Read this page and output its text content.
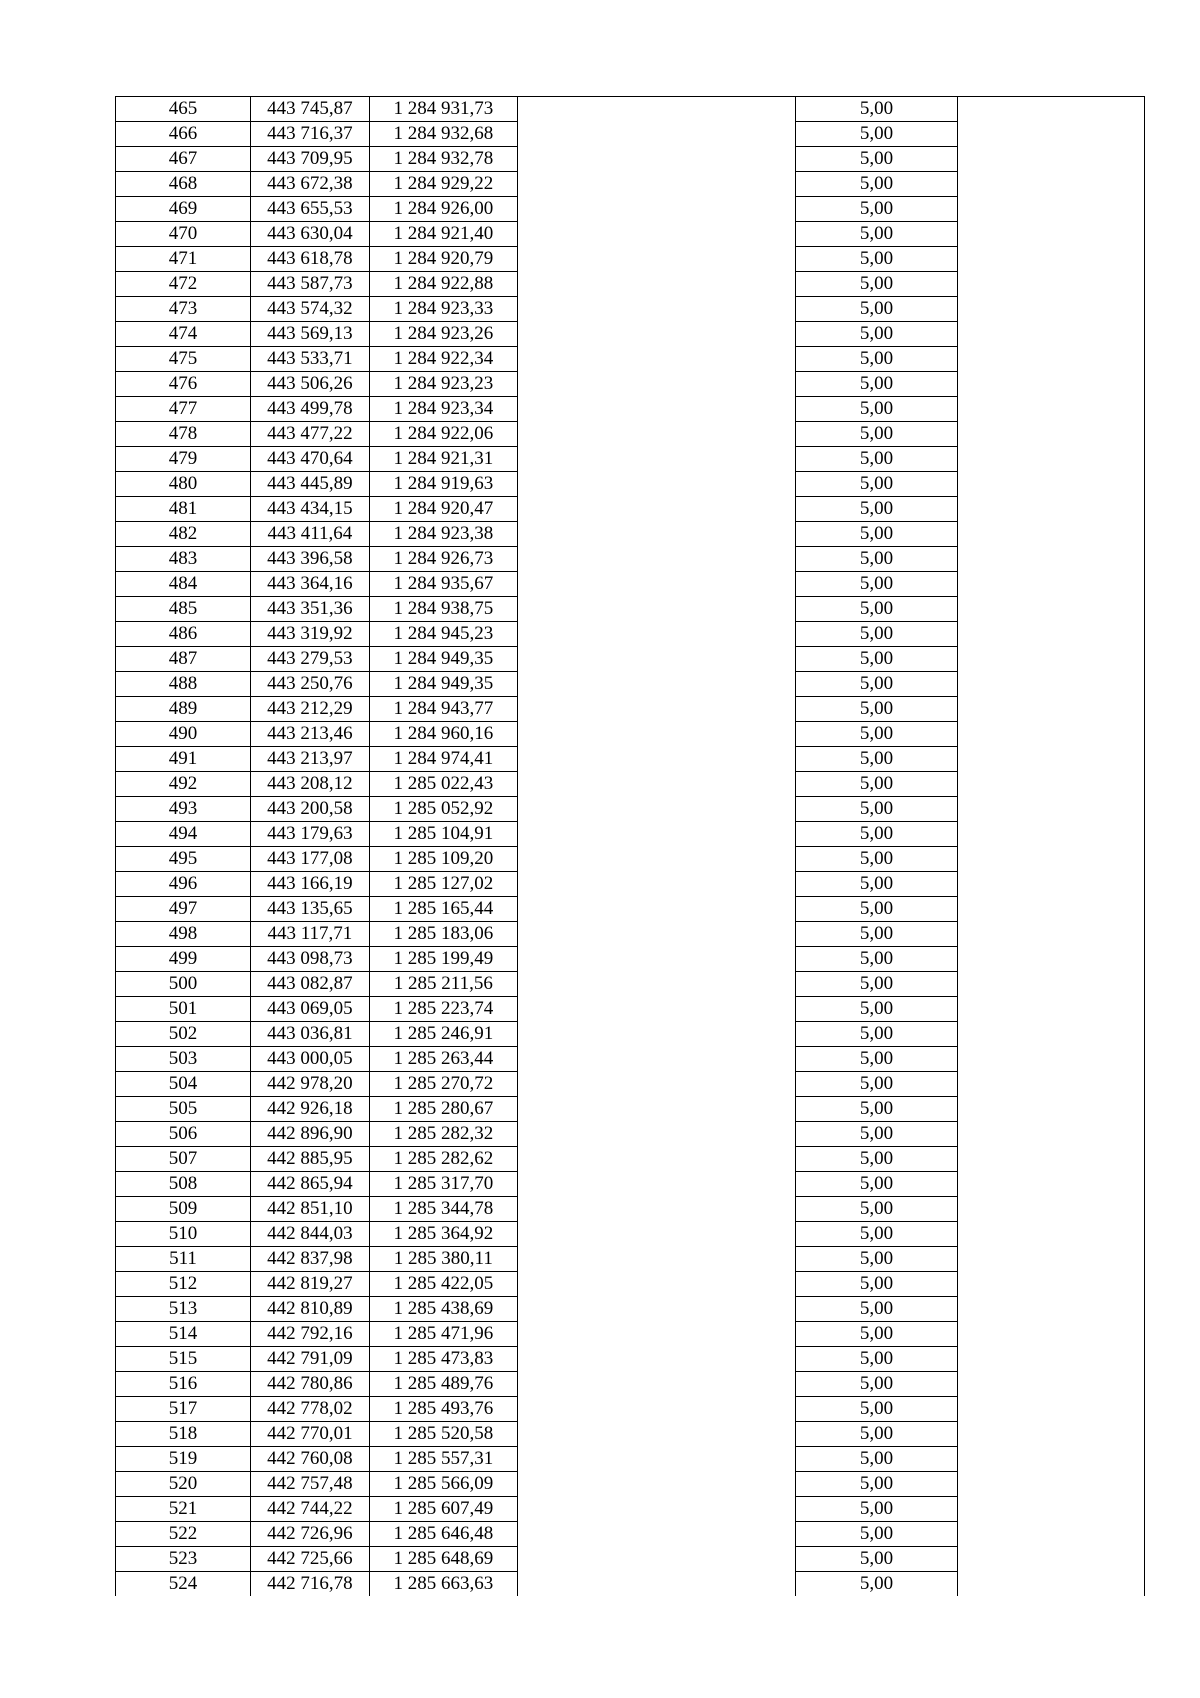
465	443 745,87	1 284 931,73		5,00	
466	443 716,37	1 284 932,68		5,00	
467	443 709,95	1 284 932,78		5,00	
468	443 672,38	1 284 929,22		5,00	
469	443 655,53	1 284 926,00		5,00	
470	443 630,04	1 284 921,40		5,00	
471	443 618,78	1 284 920,79		5,00	
472	443 587,73	1 284 922,88		5,00	
473	443 574,32	1 284 923,33		5,00	
474	443 569,13	1 284 923,26		5,00	
475	443 533,71	1 284 922,34		5,00	
476	443 506,26	1 284 923,23		5,00	
477	443 499,78	1 284 923,34		5,00	
478	443 477,22	1 284 922,06		5,00	
479	443 470,64	1 284 921,31		5,00	
480	443 445,89	1 284 919,63		5,00	
481	443 434,15	1 284 920,47		5,00	
482	443 411,64	1 284 923,38		5,00	
483	443 396,58	1 284 926,73		5,00	
484	443 364,16	1 284 935,67		5,00	
485	443 351,36	1 284 938,75		5,00	
486	443 319,92	1 284 945,23		5,00	
487	443 279,53	1 284 949,35		5,00	
488	443 250,76	1 284 949,35		5,00	
489	443 212,29	1 284 943,77		5,00	
490	443 213,46	1 284 960,16		5,00	
491	443 213,97	1 284 974,41		5,00	
492	443 208,12	1 285 022,43		5,00	
493	443 200,58	1 285 052,92		5,00	
494	443 179,63	1 285 104,91		5,00	
495	443 177,08	1 285 109,20		5,00	
496	443 166,19	1 285 127,02		5,00	
497	443 135,65	1 285 165,44		5,00	
498	443 117,71	1 285 183,06		5,00	
499	443 098,73	1 285 199,49		5,00	
500	443 082,87	1 285 211,56		5,00	
501	443 069,05	1 285 223,74		5,00	
502	443 036,81	1 285 246,91		5,00	
503	443 000,05	1 285 263,44		5,00	
504	442 978,20	1 285 270,72		5,00	
505	442 926,18	1 285 280,67		5,00	
506	442 896,90	1 285 282,32		5,00	
507	442 885,95	1 285 282,62		5,00	
508	442 865,94	1 285 317,70		5,00	
509	442 851,10	1 285 344,78		5,00	
510	442 844,03	1 285 364,92		5,00	
511	442 837,98	1 285 380,11		5,00	
512	442 819,27	1 285 422,05		5,00	
513	442 810,89	1 285 438,69		5,00	
514	442 792,16	1 285 471,96		5,00	
515	442 791,09	1 285 473,83		5,00	
516	442 780,86	1 285 489,76		5,00	
517	442 778,02	1 285 493,76		5,00	
518	442 770,01	1 285 520,58		5,00	
519	442 760,08	1 285 557,31		5,00	
520	442 757,48	1 285 566,09		5,00	
521	442 744,22	1 285 607,49		5,00	
522	442 726,96	1 285 646,48		5,00	
523	442 725,66	1 285 648,69		5,00	
524	442 716,78	1 285 663,63		5,00	
